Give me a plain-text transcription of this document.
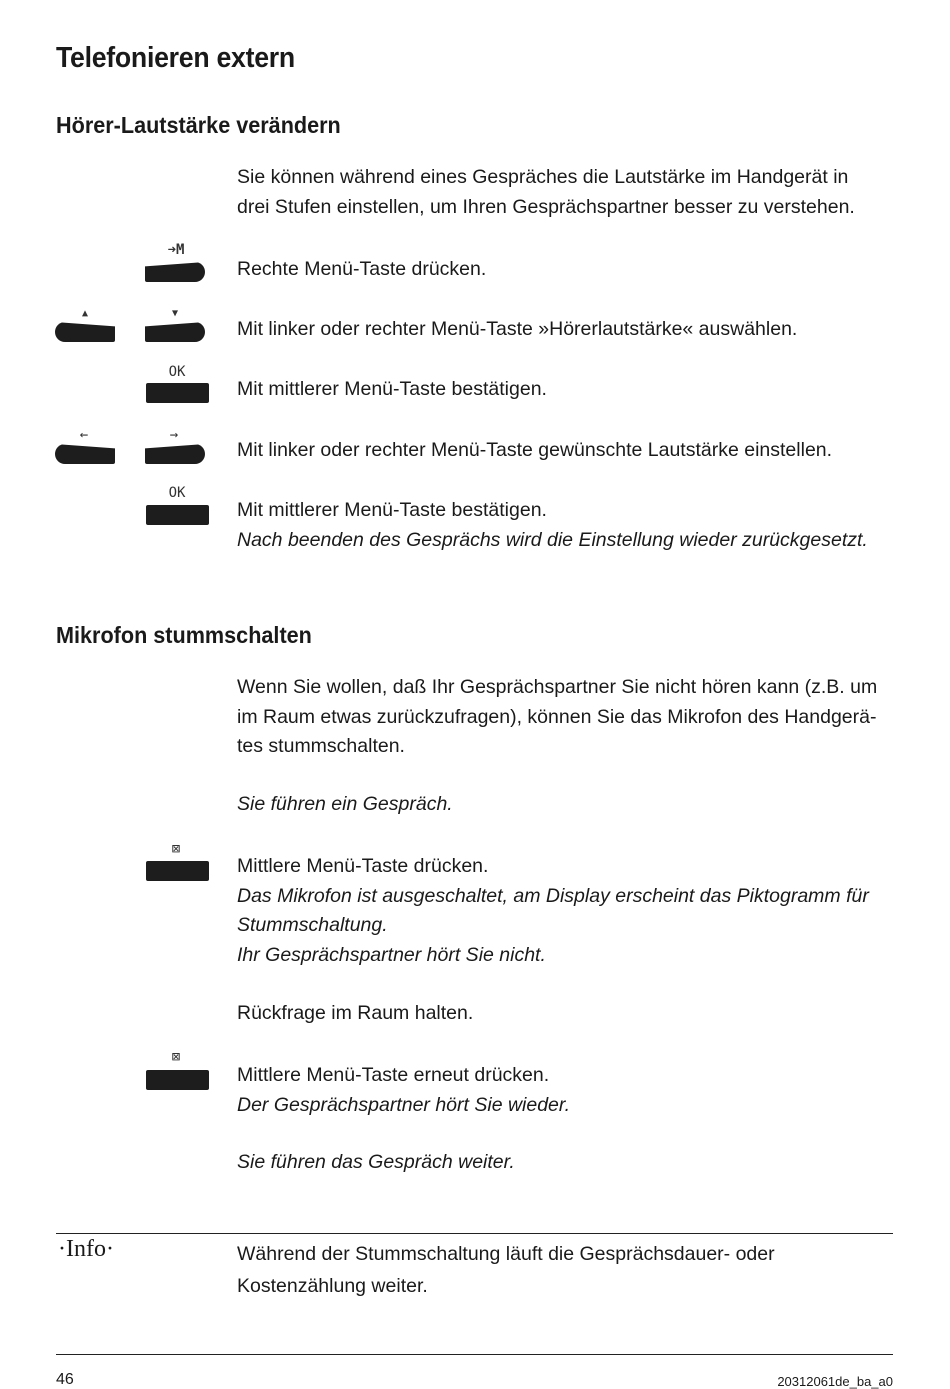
Telefonieren extern
Hörer-Lautstärke verändern

Sie können während eines Gespräches die Lautstärke im Handgerät in drei Stufen einstellen, um Ihren Gesprächspartner besser zu verstehen.

➜M

Rechte Menü-Taste drücken.

▲	▼

Mit linker oder rechter Menü-Taste »Hörerlautstärke« auswählen.

OK

Mit mittlerer Menü-Taste bestätigen.

←	→

Mit linker oder rechter Menü-Taste gewünschte Lautstärke einstellen.

OK

Mit mittlerer Menü-Taste bestätigen.

Nach beenden des Gesprächs wird die Einstellung wieder zurückgesetzt.

Mikrofon stummschalten

Wenn Sie wollen, daß Ihr Gesprächspartner Sie nicht hören kann (z.B. um

im Raum etwas zurückzufragen), können Sie das Mikrofon des Handgerä-

tes stummschalten.

Sie führen ein Gespräch.
⊠

Mittlere Menü-Taste drücken.

Das Mikrofon ist ausgeschaltet, am Display erscheint das Piktogramm für

Stummschaltung.

Ihr Gesprächspartner hört Sie nicht.

Rückfrage im Raum halten.
⊠

Mittlere Menü-Taste erneut drücken.

Der Gesprächspartner hört Sie wieder.

Sie führen das Gespräch weiter.
·Info·	Während der Stummschaltung läuft die Gesprächsdauer- oder

Kostenzählung weiter.

46	20312061de_ba_a0
